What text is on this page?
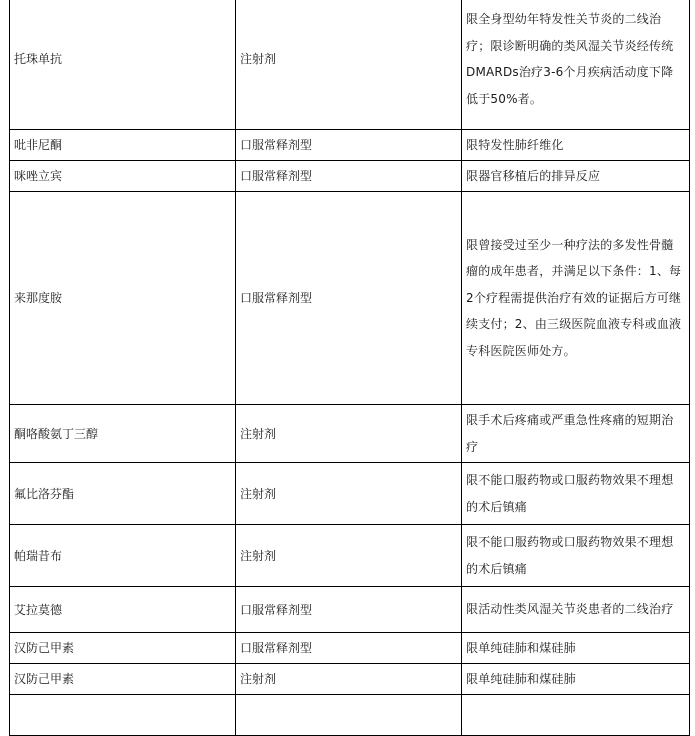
托珠单抗	注射剂	限全身型幼年特发性关节炎的二线治疗；限诊断明确的类风湿关节炎经传统DMARDs治疗3-6个月疾病活动度下降低于50%者。
吡非尼酮	口服常释剂型	限特发性肺纤维化
咪唑立宾	口服常释剂型	限器官移植后的排异反应
来那度胺	口服常释剂型	限曾接受过至少一种疗法的多发性骨髓瘤的成年患者，并满足以下条件：1、每2个疗程需提供治疗有效的证据后方可继续支付；2、由三级医院血液专科或血液专科医院医师处方。
酮咯酸氨丁三醇	注射剂	限手术后疼痛或严重急性疼痛的短期治疗
氟比洛芬酯	注射剂	限不能口服药物或口服药物效果不理想的术后镇痛
帕瑞昔布	注射剂	限不能口服药物或口服药物效果不理想的术后镇痛
艾拉莫德	口服常释剂型	限活动性类风湿关节炎患者的二线治疗
汉防己甲素	口服常释剂型	限单纯硅肺和煤硅肺
汉防己甲素	注射剂	限单纯硅肺和煤硅肺
